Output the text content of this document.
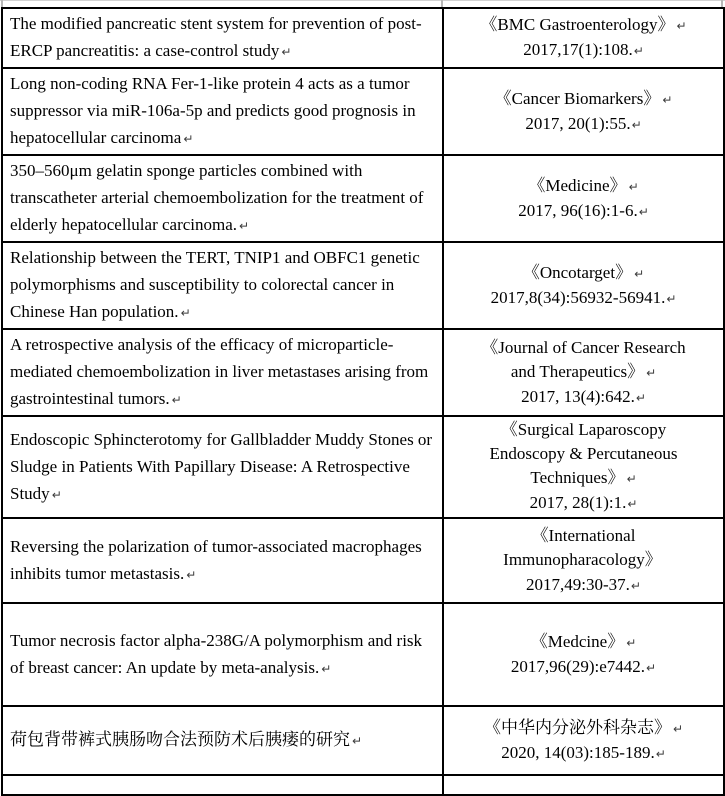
The modified pancreatic stent system for prevention of post-ERCP pancreatitis: a case-control study ↵	《BMC Gastroenterology》 ↵
2017,17(1):108.↵
Long non-coding RNA Fer-1-like protein 4 acts as a tumor suppressor via miR-106a-5p and predicts good prognosis in hepatocellular carcinoma ↵	《Cancer Biomarkers》 ↵
2017, 20(1):55.↵
350–560μm gelatin sponge particles combined with transcatheter arterial chemoembolization for the treatment of elderly hepatocellular carcinoma. ↵	《Medicine》 ↵
2017, 96(16):1-6.↵
Relationship between the TERT, TNIP1 and OBFC1 genetic polymorphisms and susceptibility to colorectal cancer in Chinese Han population. ↵	《Oncotarget》 ↵
2017,8(34):56932-56941.↵
A retrospective analysis of the efficacy of microparticle-mediated chemoembolization in liver metastases arising from gastrointestinal tumors. ↵	《Journal of Cancer Research
and Therapeutics》 ↵
2017, 13(4):642.↵
Endoscopic Sphincterotomy for Gallbladder Muddy Stones or Sludge in Patients With Papillary Disease: A Retrospective Study ↵	《Surgical Laparoscopy
Endoscopy & Percutaneous
Techniques》 ↵
2017, 28(1):1.↵
Reversing the polarization of tumor-associated macrophages inhibits tumor metastasis. ↵	《International
Immunopharacology》
2017,49:30-37.↵
Tumor necrosis factor alpha-238G/A polymorphism and risk of breast cancer: An update by meta-analysis. ↵	《Medcine》 ↵
2017,96(29):e7442.↵
荷包背带裤式胰肠吻合法预防术后胰瘘的研究 ↵	《中华内分泌外科杂志》 ↵
2020, 14(03):185-189.↵
